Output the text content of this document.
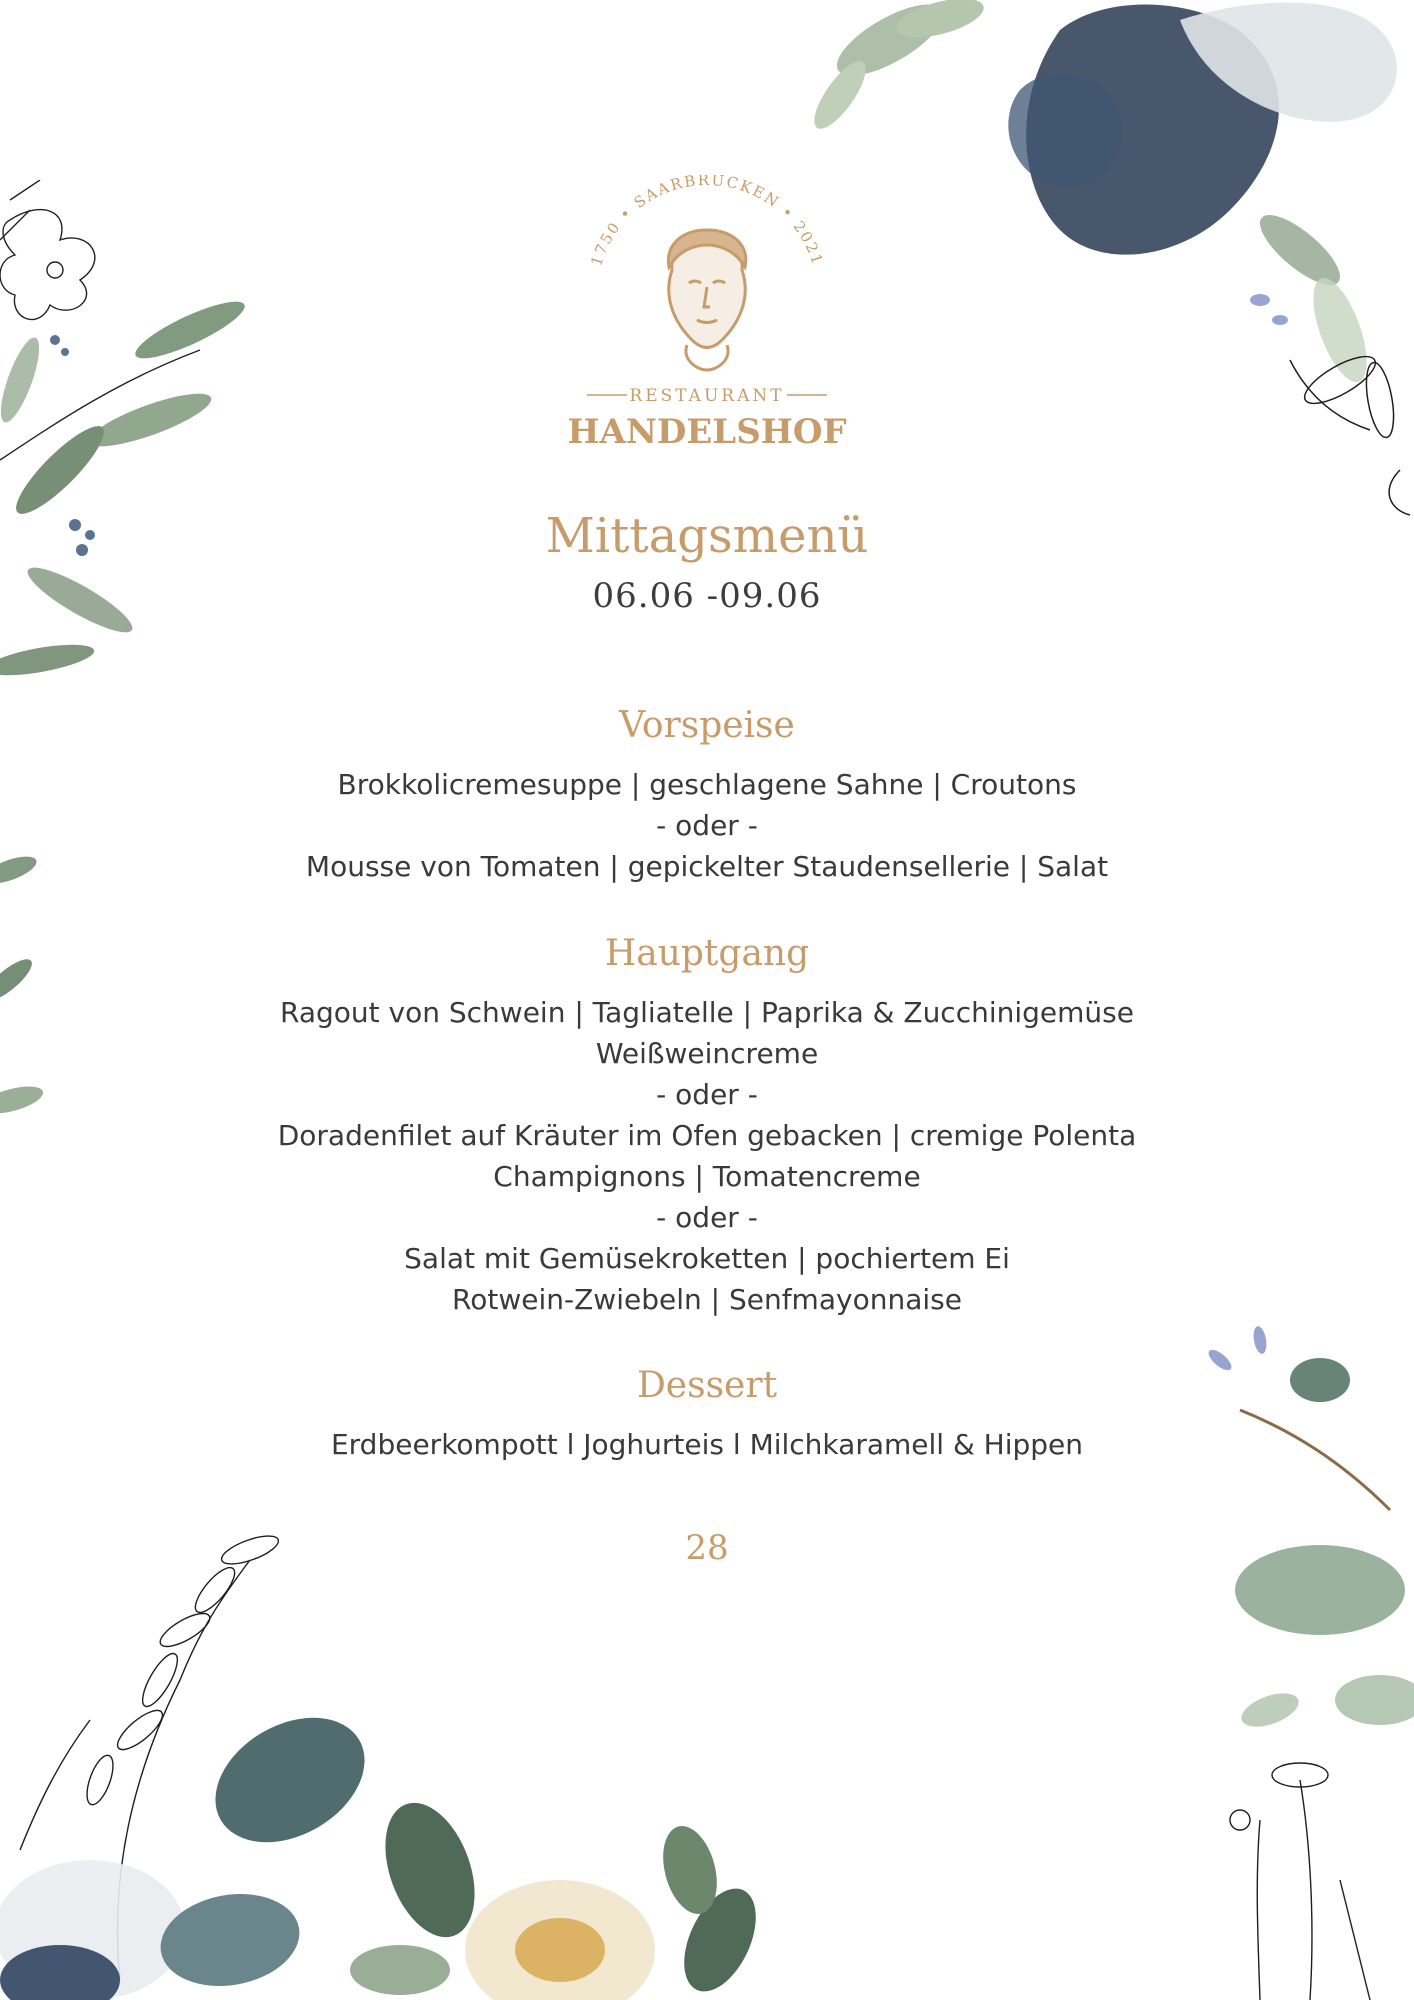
1750 • SAARBRÜCKEN • 2021
RESTAURANT
HANDELSHOF
Mittagsmenü
06.06 -09.06
Vorspeise
Brokkolicremesuppe | geschlagene Sahne | Croutons
- oder -
Mousse von Tomaten | gepickelter Staudensellerie | Salat
Hauptgang
Ragout von Schwein | Tagliatelle | Paprika & Zucchinigemüse
Weißweincreme
- oder -
Doradenfilet auf Kräuter im Ofen gebacken | cremige Polenta
Champignons | Tomatencreme
- oder -
Salat mit Gemüsekroketten | pochiertem Ei
Rotwein-Zwiebeln | Senfmayonnaise
Dessert
Erdbeerkompott l Joghurteis l Milchkaramell & Hippen
28
